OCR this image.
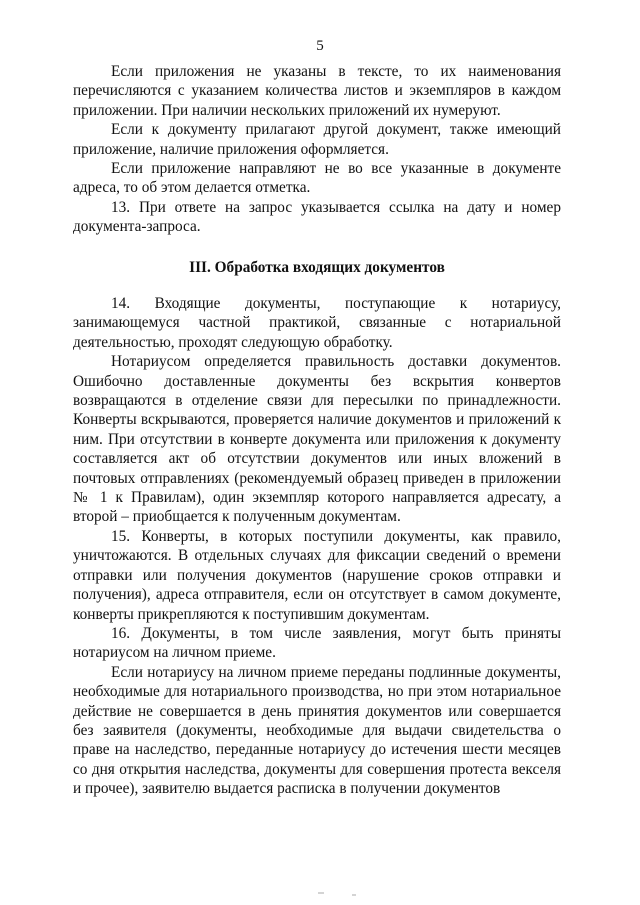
5

Если приложения не указаны в тексте, то их наименования перечисляются с указанием количества листов и экземпляров в каждом приложении. При наличии нескольких приложений их нумеруют.

Если к документу прилагают другой документ, также имеющий приложение, наличие приложения оформляется.

Если приложение направляют не во все указанные в документе адреса, то об этом делается отметка.

13. При ответе на запрос указывается ссылка на дату и номер документа-запроса.

III. Обработка входящих документов

14. Входящие документы, поступающие к нотариусу, занимающемуся частной практикой, связанные с нотариальной деятельностью, проходят следующую обработку.

Нотариусом определяется правильность доставки документов. Ошибочно доставленные документы без вскрытия конвертов возвращаются в отделение связи для пересылки по принадлежности. Конверты вскрываются, проверяется наличие документов и приложений к ним. При отсутствии в конверте документа или приложения к документу составляется акт об отсутствии документов или иных вложений в почтовых отправлениях (рекомендуемый образец приведен в приложении № 1 к Правилам), один экземпляр которого направляется адресату, а второй – приобщается к полученным документам.

15. Конверты, в которых поступили документы, как правило, уничтожаются. В отдельных случаях для фиксации сведений о времени отправки или получения документов (нарушение сроков отправки и получения), адреса отправителя, если он отсутствует в самом документе, конверты прикрепляются к поступившим документам.

16. Документы, в том числе заявления, могут быть приняты нотариусом на личном приеме.

Если нотариусу на личном приеме переданы подлинные документы, необходимые для нотариального производства, но при этом нотариальное действие не совершается в день принятия документов или совершается без заявителя (документы, необходимые для выдачи свидетельства о праве на наследство, переданные нотариусу до истечения шести месяцев со дня открытия наследства, документы для совершения протеста векселя и прочее), заявителю выдается расписка в получении документов
